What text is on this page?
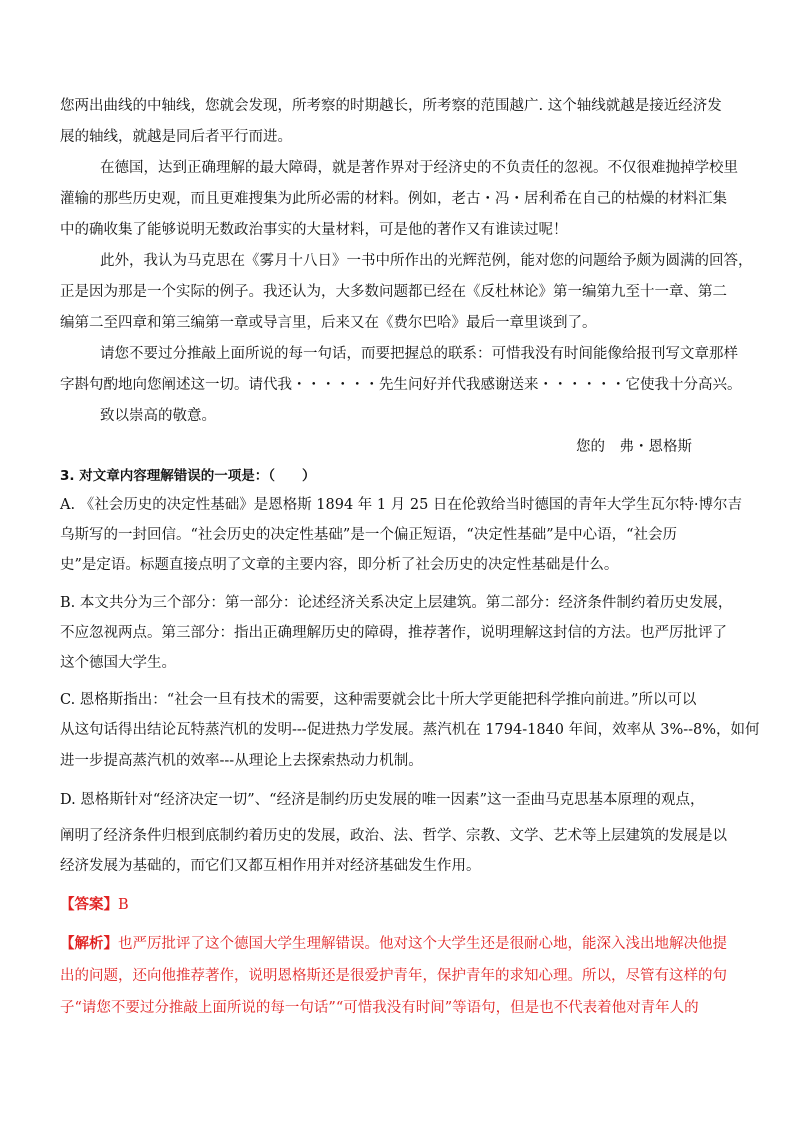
您两出曲线的中轴线，您就会发现，所考察的时期越长，所考察的范围越广. 这个轴线就越是接近经济发
展的轴线，就越是同后者平行而进。
在德国，达到正确理解的最大障碍，就是著作界对于经济史的不负责任的忽视。不仅很难抛掉学校里
灌输的那些历史观，而且更难搜集为此所必需的材料。例如，老古・冯・居利希在自己的枯燥的材料汇集
中的确收集了能够说明无数政治事实的大量材料，可是他的著作又有谁读过呢！
此外，我认为马克思在《雾月十八日》一书中所作出的光辉范例，能对您的问题给予颇为圆满的回答，
正是因为那是一个实际的例子。我还认为，大多数问题都已经在《反杜林论》第一编第九至十一章、第二
编第二至四章和第三编第一章或导言里，后来又在《费尔巴哈》最后一章里谈到了。
请您不要过分推敲上面所说的每一句话，而要把握总的联系：可惜我没有时间能像给报刊写文章那样
字斟句酌地向您阐述这一切。请代我・・・・・・先生问好并代我感谢送来・・・・・・它使我十分高兴。
致以崇高的敬意。
您的　弗・恩格斯
3. 对文章内容理解错误的一项是：（　　）
A. 《社会历史的决定性基础》是恩格斯 1894 年 1 月 25 日在伦敦给当时德国的青年大学生瓦尔特·博尔吉
乌斯写的一封回信。“社会历史的决定性基础”是一个偏正短语，“决定性基础”是中心语，“社会历
史”是定语。标题直接点明了文章的主要内容，即分析了社会历史的决定性基础是什么。
B. 本文共分为三个部分：第一部分：论述经济关系决定上层建筑。第二部分：经济条件制约着历史发展，
不应忽视两点。第三部分：指出正确理解历史的障碍，推荐著作，说明理解这封信的方法。也严厉批评了
这个德国大学生。
C. 恩格斯指出：“社会一旦有技术的需要，这种需要就会比十所大学更能把科学推向前进。”所以可以
从这句话得出结论瓦特蒸汽机的发明---促进热力学发展。蒸汽机在 1794-1840 年间，效率从 3%--8%，如何
进一步提高蒸汽机的效率---从理论上去探索热动力机制。
D. 恩格斯针对“经济决定一切”、“经济是制约历史发展的唯一因素”这一歪曲马克思基本原理的观点，
阐明了经济条件归根到底制约着历史的发展，政治、法、哲学、宗教、文学、艺术等上层建筑的发展是以
经济发展为基础的，而它们又都互相作用并对经济基础发生作用。
【答案】B
【解析】也严厉批评了这个德国大学生理解错误。他对这个大学生还是很耐心地，能深入浅出地解决他提
出的问题，还向他推荐著作，说明恩格斯还是很爱护青年，保护青年的求知心理。所以，尽管有这样的句
子“请您不要过分推敲上面所说的每一句话”“可惜我没有时间”等语句，但是也不代表着他对青年人的
